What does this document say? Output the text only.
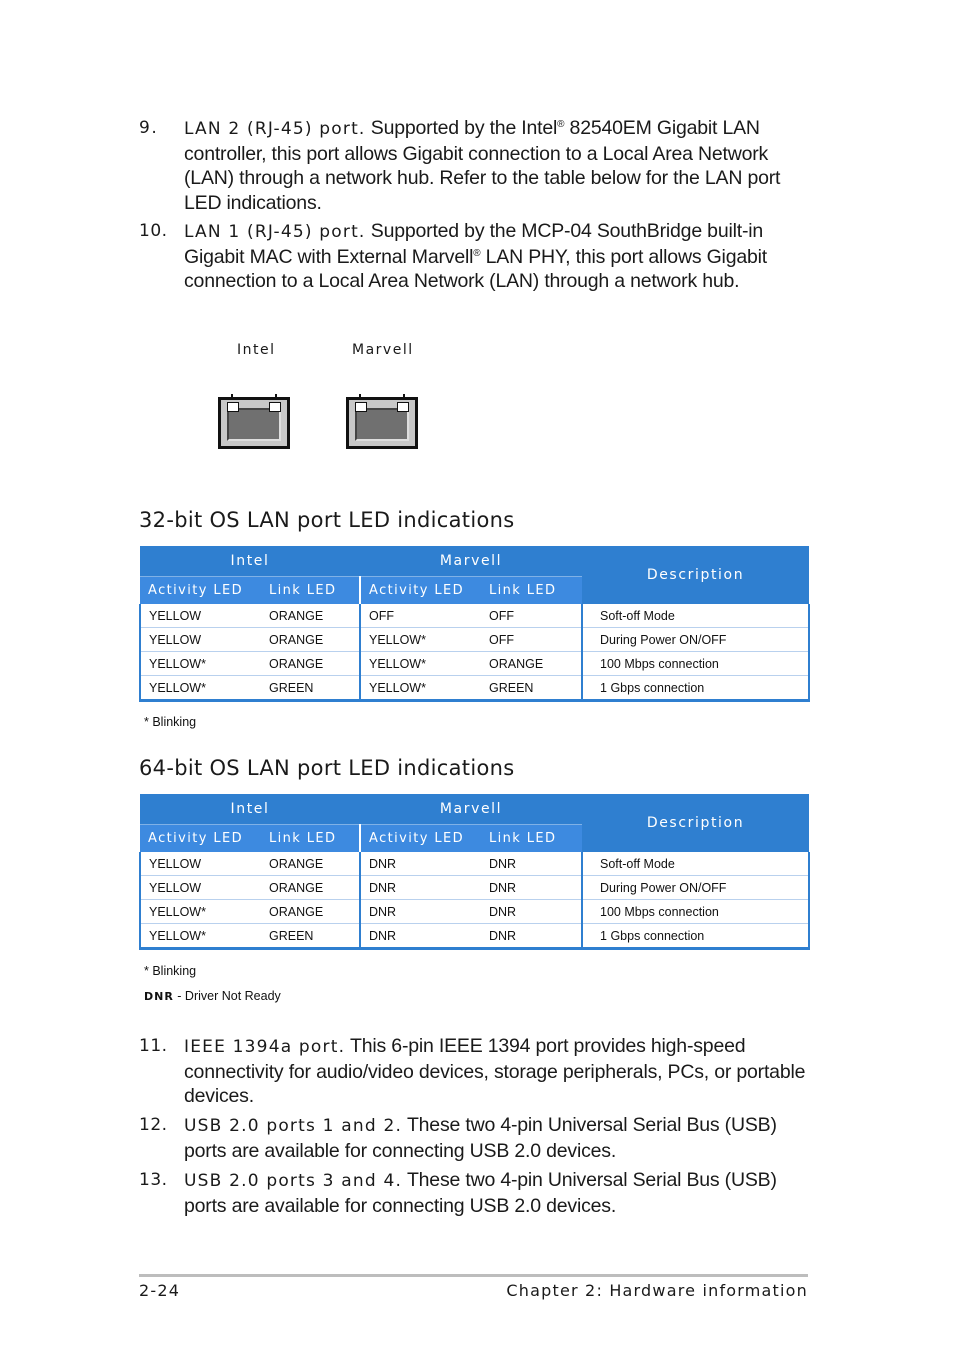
9. LAN 2 (RJ-45) port. Supported by the Intel® 82540EM Gigabit LAN controller, this port allows Gigabit connection to a Local Area Network (LAN) through a network hub. Refer to the table below for the LAN port LED indications.
10. LAN 1 (RJ-45) port. Supported by the MCP-04 SouthBridge built-in Gigabit MAC with External Marvell® LAN PHY, this port allows Gigabit connection to a Local Area Network (LAN) through a network hub.
Intel	Marvell
32-bit OS LAN port LED indications
Intel		Marvell		Description
Activity LED	Link LED	Activity LED	Link LED	
YELLOW	ORANGE	OFF	OFF	Soft-off Mode
YELLOW	ORANGE	YELLOW*	OFF	During Power ON/OFF
YELLOW*	ORANGE	YELLOW*	ORANGE	100 Mbps connection
YELLOW*	GREEN	YELLOW*	GREEN	1 Gbps connection
* Blinking
64-bit OS LAN port LED indications
Intel		Marvell		Description
Activity LED	Link LED	Activity LED	Link LED	
YELLOW	ORANGE	DNR	DNR	Soft-off Mode
YELLOW	ORANGE	DNR	DNR	During Power ON/OFF
YELLOW*	ORANGE	DNR	DNR	100 Mbps connection
YELLOW*	GREEN	DNR	DNR	1 Gbps connection
* Blinking
DNR - Driver Not Ready
11. IEEE 1394a port. This 6-pin IEEE 1394 port provides high-speed connectivity for audio/video devices, storage peripherals, PCs, or portable devices.
12. USB 2.0 ports 1 and 2. These two 4-pin Universal Serial Bus (USB) ports are available for connecting USB 2.0 devices.
13. USB 2.0 ports 3 and 4. These two 4-pin Universal Serial Bus (USB) ports are available for connecting USB 2.0 devices.
2-24	Chapter 2: Hardware information
